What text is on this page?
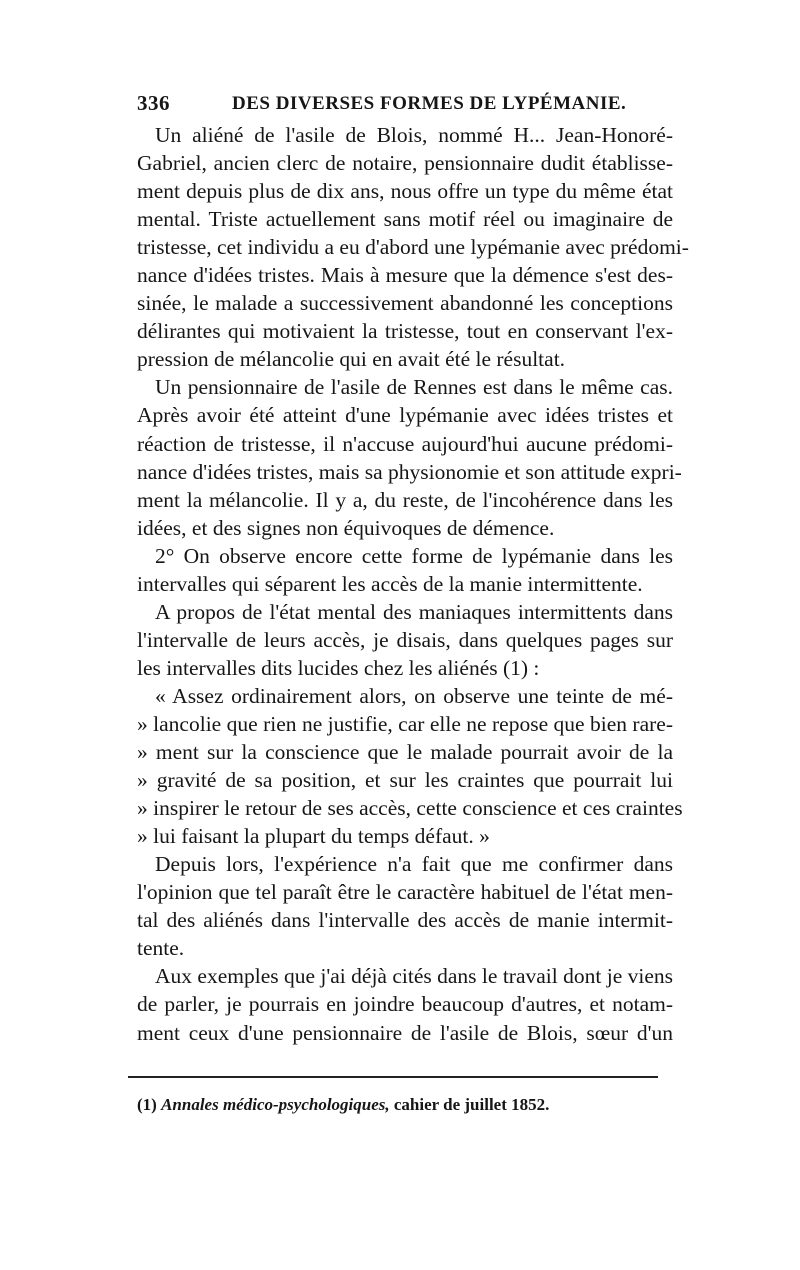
336	DES DIVERSES FORMES DE LYPÉMANIE.
Un aliéné de l'asile de Blois, nommé H... Jean-Honoré-
Gabriel, ancien clerc de notaire, pensionnaire dudit établisse-
ment depuis plus de dix ans, nous offre un type du même état
mental. Triste actuellement sans motif réel ou imaginaire de
tristesse, cet individu a eu d'abord une lypémanie avec prédomi-
nance d'idées tristes. Mais à mesure que la démence s'est des-
sinée, le malade a successivement abandonné les conceptions
délirantes qui motivaient la tristesse, tout en conservant l'ex-
pression de mélancolie qui en avait été le résultat.
Un pensionnaire de l'asile de Rennes est dans le même cas.
Après avoir été atteint d'une lypémanie avec idées tristes et
réaction de tristesse, il n'accuse aujourd'hui aucune prédomi-
nance d'idées tristes, mais sa physionomie et son attitude expri-
ment la mélancolie. Il y a, du reste, de l'incohérence dans les
idées, et des signes non équivoques de démence.
2° On observe encore cette forme de lypémanie dans les
intervalles qui séparent les accès de la manie intermittente.
A propos de l'état mental des maniaques intermittents dans
l'intervalle de leurs accès, je disais, dans quelques pages sur
les intervalles dits lucides chez les aliénés (1) :
« Assez ordinairement alors, on observe une teinte de mé-
» lancolie que rien ne justifie, car elle ne repose que bien rare-
» ment sur la conscience que le malade pourrait avoir de la
» gravité de sa position, et sur les craintes que pourrait lui
» inspirer le retour de ses accès, cette conscience et ces craintes
» lui faisant la plupart du temps défaut. »
Depuis lors, l'expérience n'a fait que me confirmer dans
l'opinion que tel paraît être le caractère habituel de l'état men-
tal des aliénés dans l'intervalle des accès de manie intermit-
tente.
Aux exemples que j'ai déjà cités dans le travail dont je viens
de parler, je pourrais en joindre beaucoup d'autres, et notam-
ment ceux d'une pensionnaire de l'asile de Blois, sœur d'un
(1) Annales médico-psychologiques, cahier de juillet 1852.
